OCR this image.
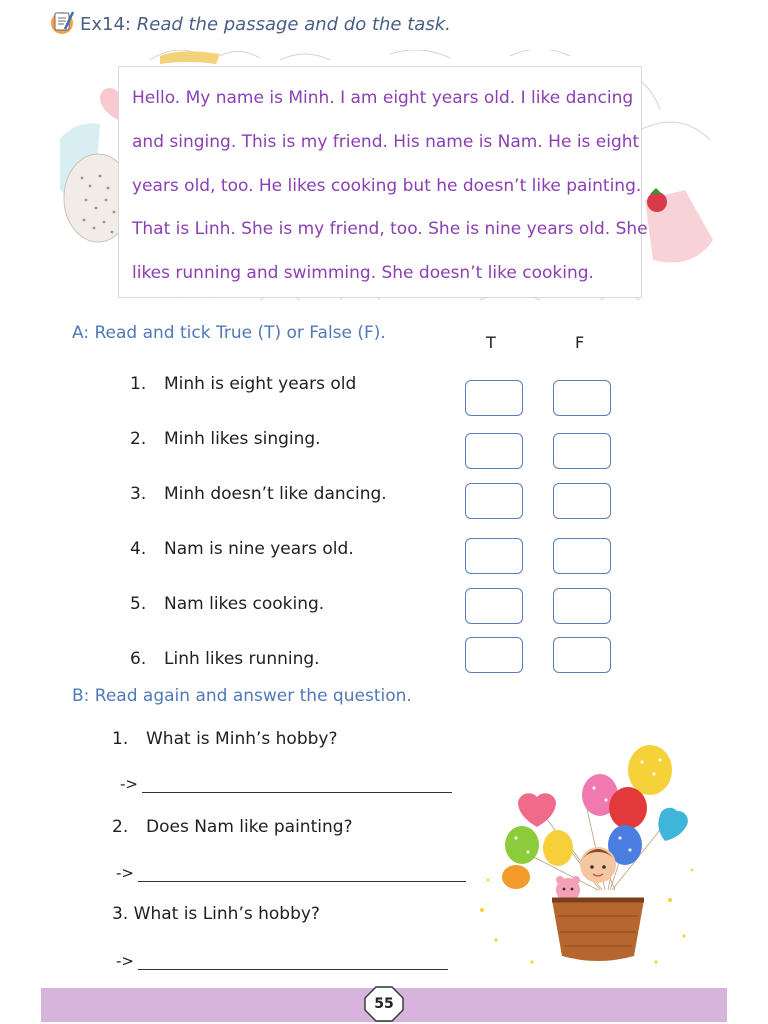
Ex14: Read the passage and do the task.

Hello. My name is Minh. I am eight years old. I like dancing

and singing. This is my friend. His name is Nam. He is eight

years old, too. He likes cooking but he doesn’t like painting.

That is Linh. She is my friend, too. She is nine years old. She

likes running and swimming. She doesn’t like cooking.

A: Read and tick True (T) or False (F).	T	F
1. Minh is eight years old
2. Minh likes singing.
3. Minh doesn’t like dancing.
4. Nam is nine years old.
5. Nam likes cooking.
6. Linh likes running.
B: Read again and answer the question.
1. What is Minh’s hobby?
->
2. Does Nam like painting?
->
3. What is Linh’s hobby?
->
55
